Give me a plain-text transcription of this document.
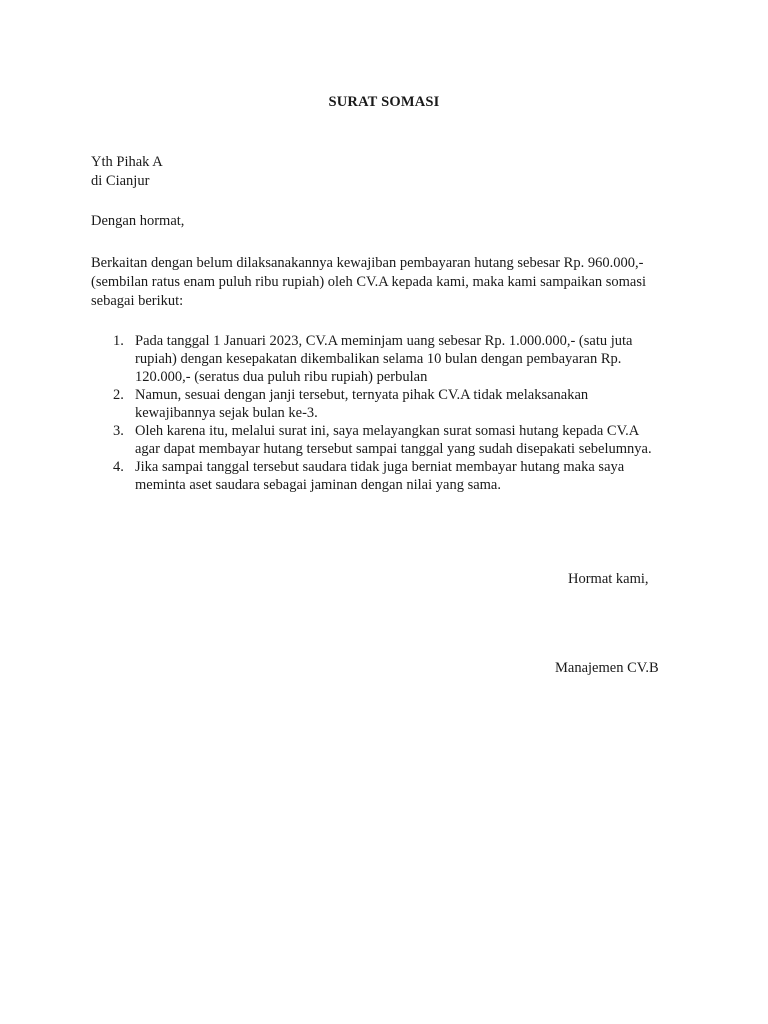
SURAT SOMASI
Yth Pihak A
di Cianjur
Dengan hormat,
Berkaitan dengan belum dilaksanakannya kewajiban pembayaran hutang sebesar Rp. 960.000,-
(sembilan ratus enam puluh ribu rupiah) oleh CV.A kepada kami, maka kami sampaikan somasi
sebagai berikut:
1. Pada tanggal 1 Januari 2023, CV.A meminjam uang sebesar Rp. 1.000.000,- (satu juta
rupiah) dengan kesepakatan dikembalikan selama 10 bulan dengan pembayaran Rp.
120.000,- (seratus dua puluh ribu rupiah) perbulan
2. Namun, sesuai dengan janji tersebut, ternyata pihak CV.A tidak melaksanakan
kewajibannya sejak bulan ke-3.
3. Oleh karena itu, melalui surat ini, saya melayangkan surat somasi hutang kepada CV.A
agar dapat membayar hutang tersebut sampai tanggal yang sudah disepakati sebelumnya.
4. Jika sampai tanggal tersebut saudara tidak juga berniat membayar hutang maka saya
meminta aset saudara sebagai jaminan dengan nilai yang sama.
Hormat kami,
Manajemen CV.B
